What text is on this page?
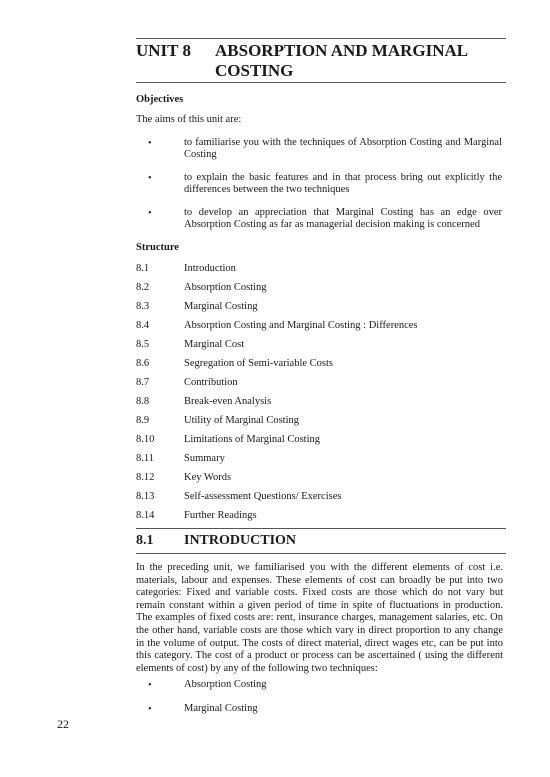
UNIT 8 ABSORPTION AND MARGINAL COSTING
Objectives
The aims of this unit are:
•	to familiarise you with the techniques of Absorption Costing and Marginal Costing
•	to explain the basic features and in that process bring out explicitly the differences between the two techniques
•	to develop an appreciation that Marginal Costing has an edge over Absorption Costing as far as managerial decision making is concerned
Structure
8.1	Introduction
8.2	Absorption Costing
8.3	Marginal Costing
8.4	Absorption Costing and Marginal Costing : Differences
8.5	Marginal Cost
8.6	Segregation of Semi-variable Costs
8.7	Contribution
8.8	Break-even Analysis
8.9	Utility of Marginal Costing
8.10	Limitations of Marginal Costing
8.11	Summary
8.12	Key Words
8.13	Self-assessment Questions/ Exercises
8.14	Further Readings
8.1 INTRODUCTION
In the preceding unit, we familiarised you with the different elements of cost i.e. materials, labour and expenses. These elements of cost can broadly be put into two categories: Fixed and variable costs. Fixed costs are those which do not vary but remain constant within a given period of time in spite of fluctuations in production. The examples of fixed costs are: rent, insurance charges, management salaries, etc. On the other hand, variable costs are those which vary in direct proportion to any change in the volume of output. The costs of direct material, direct wages etc, can be put into this category. The cost of a product or process can be ascertained ( using the different elements of cost) by any of the following two techniques:
•	Absorption Costing
•	Marginal Costing
22
